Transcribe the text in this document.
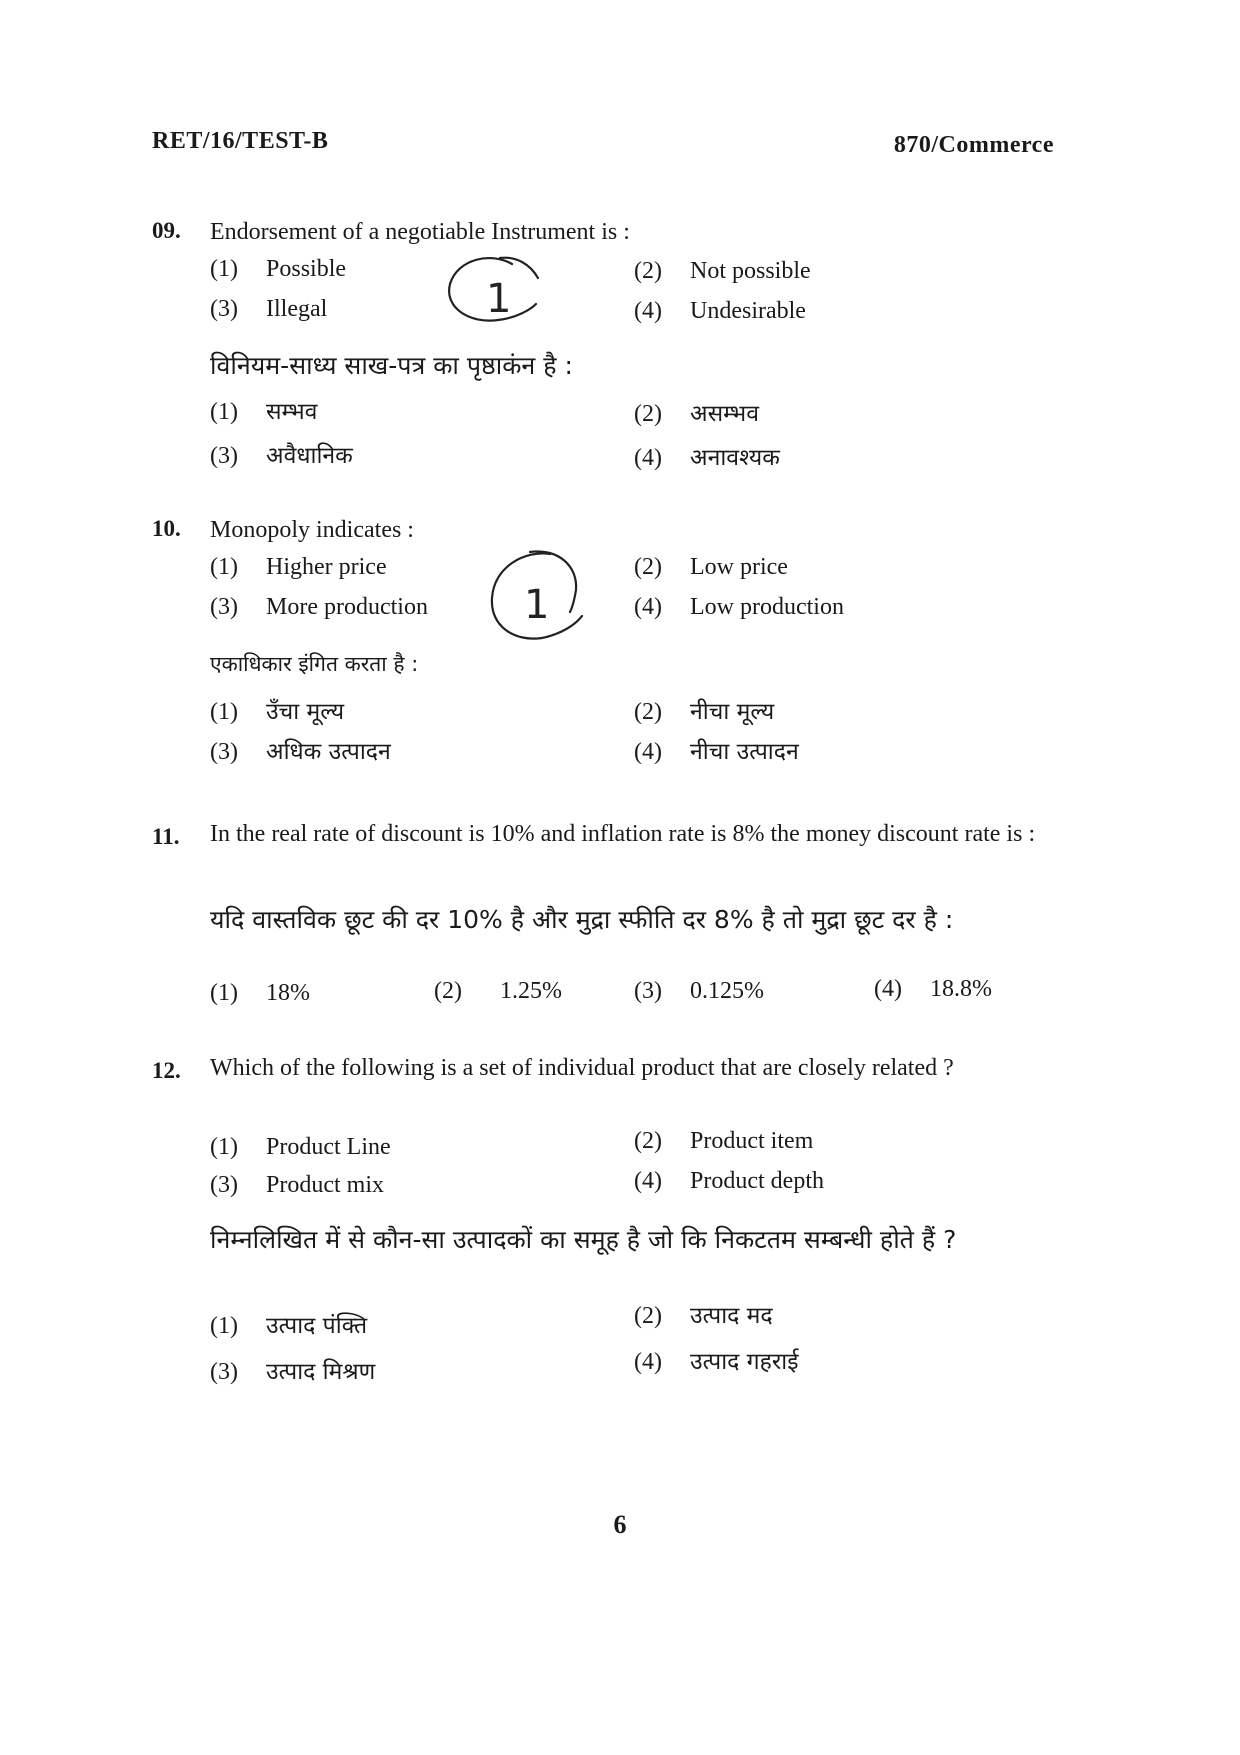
RET/16/TEST-B	870/Commerce
09. Endorsement of a negotiable Instrument is :
(1) Possible	(2) Not possible
(3) Illegal	(4) Undesirable
1
विनियम-साध्य साख-पत्र का पृष्ठाकंन है :
(1) सम्भव	(2) असम्भव
(3) अवैधानिक	(4) अनावश्यक
10. Monopoly indicates :
(1) Higher price	(2) Low price
(3) More production	(4) Low production
1
एकाधिकार इंगित करता है :
(1) उँचा मूल्य	(2) नीचा मूल्य
(3) अधिक उत्पादन	(4) नीचा उत्पादन
11. In the real rate of discount is 10% and inflation rate is 8% the money discount rate is :
यदि वास्तविक छूट की दर 10% है और मुद्रा स्फीति दर 8% है तो मुद्रा छूट दर है :
(1) 18%	(2) 1.25%	(3) 0.125%	(4) 18.8%
12. Which of the following is a set of individual product that are closely related ?
(1) Product Line	(2) Product item
(3) Product mix	(4) Product depth
निम्नलिखित में से कौन-सा उत्पादकों का समूह है जो कि निकटतम सम्बन्धी होते हैं ?
(1) उत्पाद पंक्ति	(2) उत्पाद मद
(3) उत्पाद मिश्रण	(4) उत्पाद गहराई
6
